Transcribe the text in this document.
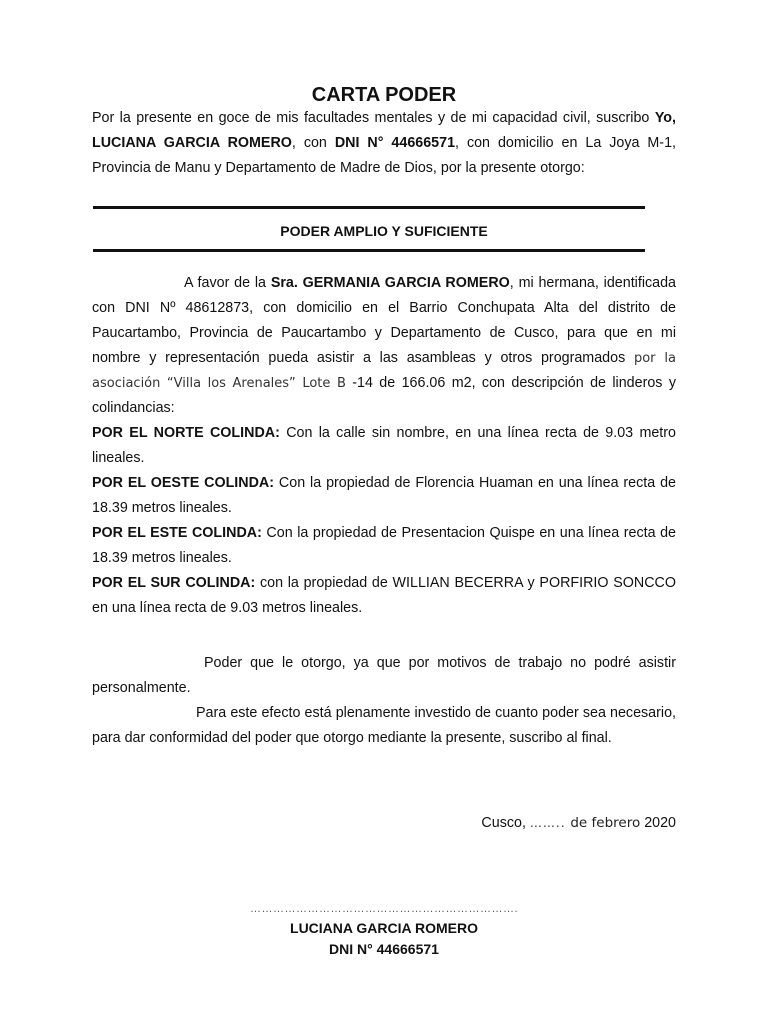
CARTA PODER

Por la presente en goce de mis facultades mentales y de mi capacidad civil, suscribo Yo, LUCIANA GARCIA ROMERO, con DNI N° 44666571, con domicilio en La Joya M-1, Provincia de Manu y Departamento de Madre de Dios, por la presente otorgo:

PODER AMPLIO Y SUFICIENTE

A favor de la Sra. GERMANIA GARCIA ROMERO, mi hermana, identificada con DNI Nº 48612873, con domicilio en el Barrio Conchupata Alta del distrito de Paucartambo, Provincia de Paucartambo y Departamento de Cusco, para que en mi nombre y representación pueda asistir a las asambleas y otros programados por la asociación “Villa los Arenales” Lote B -14 de 166.06 m2, con descripción de linderos y colindancias:

POR EL NORTE COLINDA: Con la calle sin nombre, en una línea recta de 9.03 metro lineales.

POR EL OESTE COLINDA: Con la propiedad de Florencia Huaman en una línea recta de 18.39 metros lineales.

POR EL ESTE COLINDA: Con la propiedad de Presentacion Quispe en una línea recta de 18.39 metros lineales.

POR EL SUR COLINDA: con la propiedad de WILLIAN BECERRA y PORFIRIO SONCCO en una línea recta de 9.03 metros lineales.

Poder que le otorgo, ya que por motivos de trabajo no podré asistir personalmente.

Para este efecto está plenamente investido de cuanto poder sea necesario, para dar conformidad del poder que otorgo mediante la presente, suscribo al final.

Cusco, …….. de febrero 2020
…………………………………………………………….
LUCIANA GARCIA ROMERO
DNI N° 44666571
